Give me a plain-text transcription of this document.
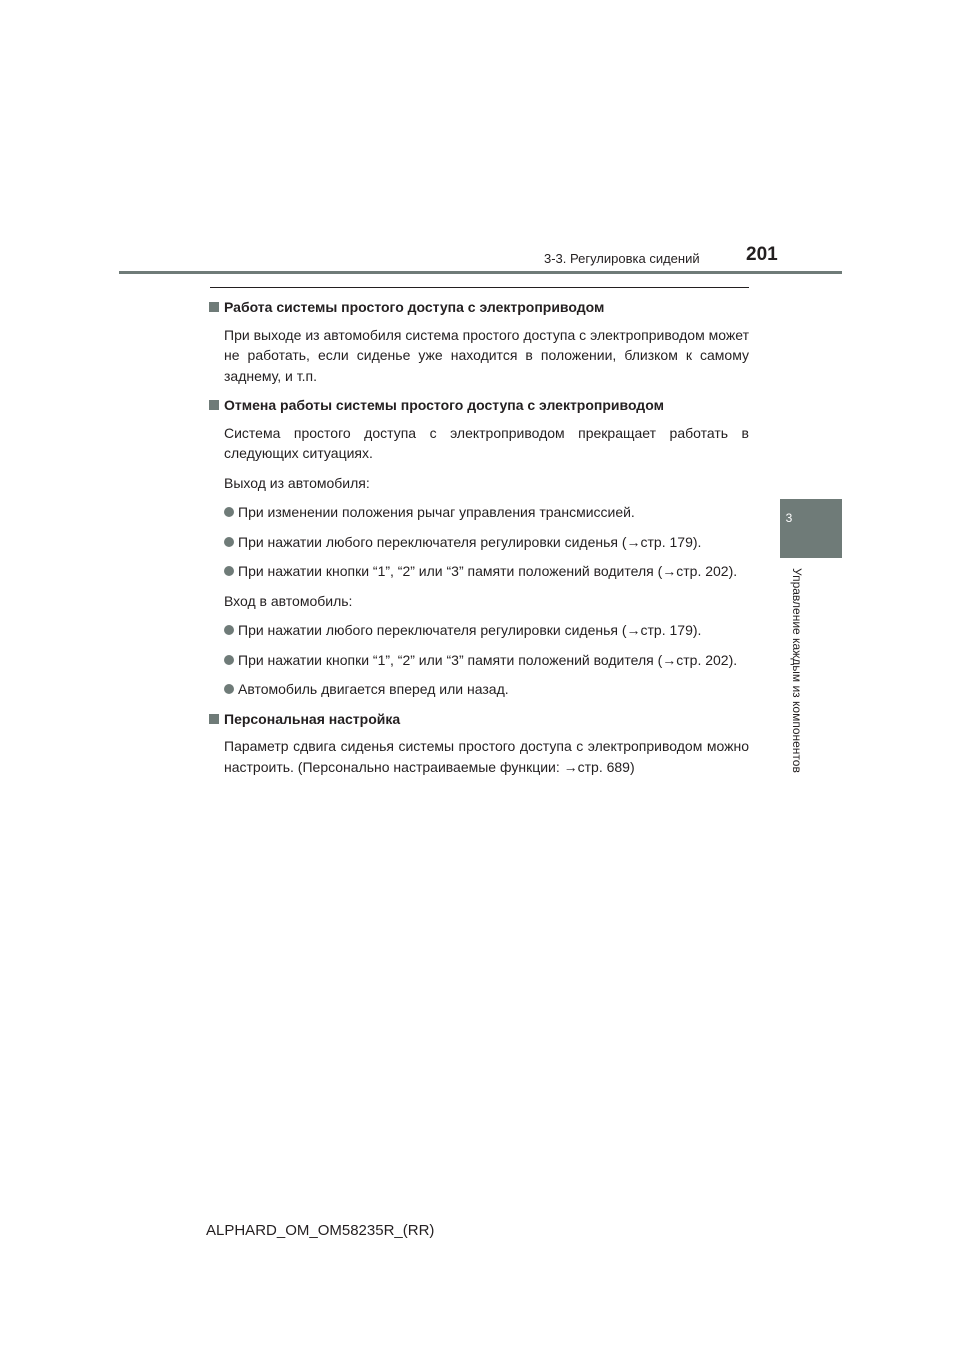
3-3. Регулировка сидений 201
3
Управление каждым из компонентов
Работа системы простого доступа с электроприводом
При выходе из автомобиля система простого доступа с электроприводом может не работать, если сиденье уже находится в положении, близком к самому заднему, и т.п.
Отмена работы системы простого доступа с электроприводом
Система простого доступа с электроприводом прекращает работать в следующих ситуациях.
Выход из автомобиля:
При изменении положения рычаг управления трансмиссией.
При нажатии любого переключателя регулировки сиденья (→стр. 179).
При нажатии кнопки “1”, “2” или “3” памяти положений водителя (→стр. 202).
Вход в автомобиль:
При нажатии любого переключателя регулировки сиденья (→стр. 179).
При нажатии кнопки “1”, “2” или “3” памяти положений водителя (→стр. 202).
Автомобиль двигается вперед или назад.
Персональная настройка
Параметр сдвига сиденья системы простого доступа с электроприводом можно настроить. (Персонально настраиваемые функции: →стр. 689)
ALPHARD_OM_OM58235R_(RR)
